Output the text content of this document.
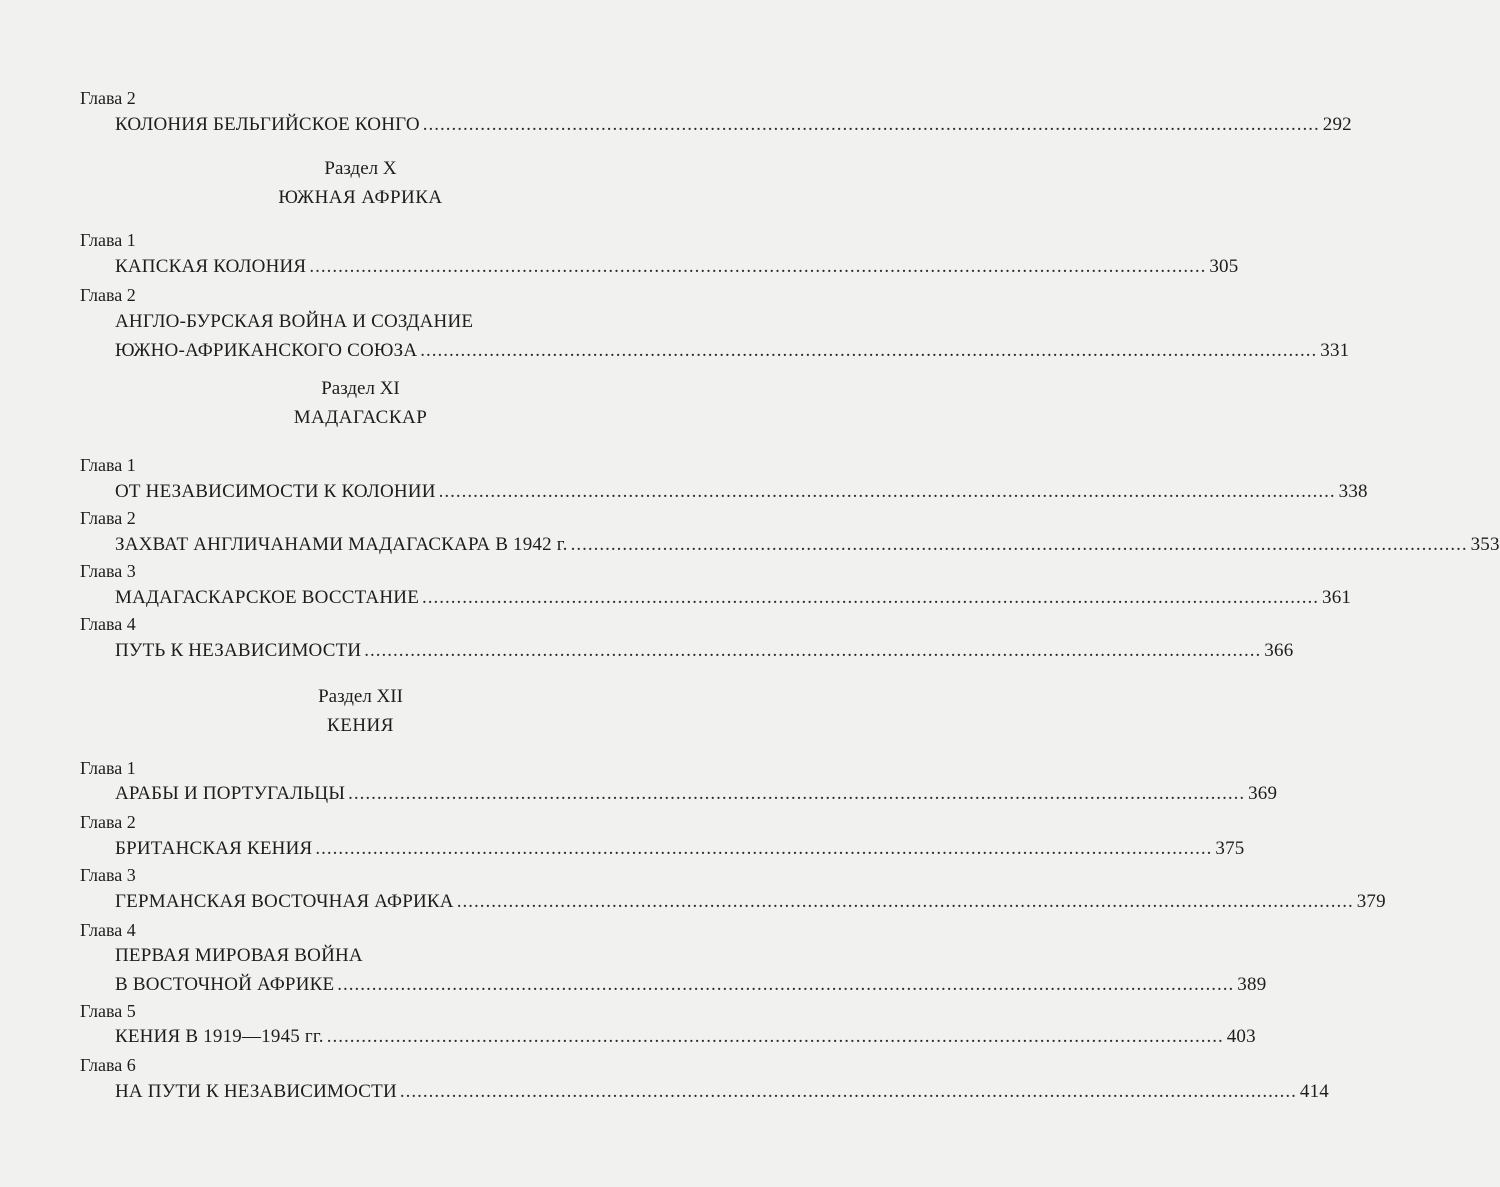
Глава 2
КОЛОНИЯ БЕЛЬГИЙСКОЕ КОНГО ............................................................................................................................................................ 292
Раздел X
ЮЖНАЯ АФРИКА
Глава 1
КАПСКАЯ КОЛОНИЯ ............................................................................................................................................................ 305
Глава 2
АНГЛО-БУРСКАЯ ВОЙНА И СОЗДАНИЕ
ЮЖНО-АФРИКАНСКОГО СОЮЗА ............................................................................................................................................................ 331
Раздел XI
МАДАГАСКАР
Глава 1
ОТ НЕЗАВИСИМОСТИ К КОЛОНИИ ............................................................................................................................................................ 338
Глава 2
ЗАХВАТ АНГЛИЧАНАМИ МАДАГАСКАРА В 1942 г. ............................................................................................................................................................ 353
Глава 3
МАДАГАСКАРСКОЕ ВОССТАНИЕ ............................................................................................................................................................ 361
Глава 4
ПУТЬ К НЕЗАВИСИМОСТИ ............................................................................................................................................................ 366
Раздел XII
КЕНИЯ
Глава 1
АРАБЫ И ПОРТУГАЛЬЦЫ ............................................................................................................................................................ 369
Глава 2
БРИТАНСКАЯ КЕНИЯ ............................................................................................................................................................ 375
Глава 3
ГЕРМАНСКАЯ ВОСТОЧНАЯ АФРИКА ............................................................................................................................................................ 379
Глава 4
ПЕРВАЯ МИРОВАЯ ВОЙНА
В ВОСТОЧНОЙ АФРИКЕ ............................................................................................................................................................ 389
Глава 5
КЕНИЯ В 1919—1945 гг. ............................................................................................................................................................ 403
Глава 6
НА ПУТИ К НЕЗАВИСИМОСТИ ............................................................................................................................................................ 414
